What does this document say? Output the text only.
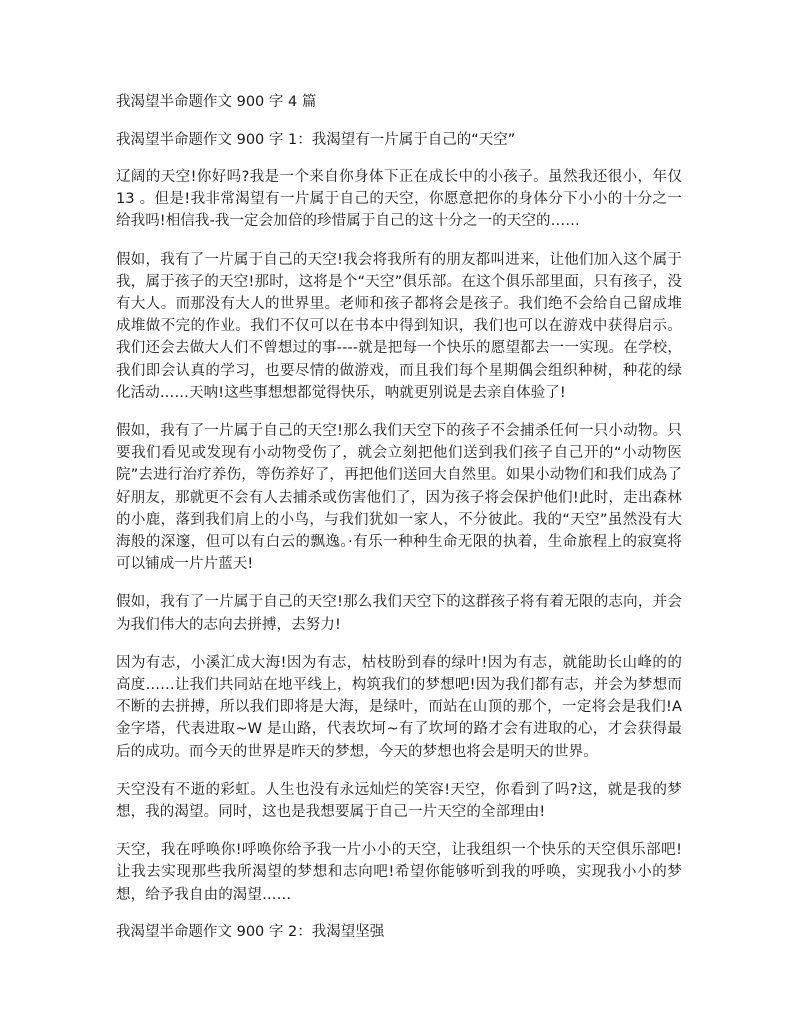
我渴望半命题作文 900 字 4 篇
我渴望半命题作文 900 字 1：我渴望有一片属于自己的“天空”

辽阔的天空!你好吗?我是一个来自你身体下正在成长中的小孩子。虽然我还很小，年仅 13 。但是!我非常渴望有一片属于自己的天空，你愿意把你的身体分下小小的十分之一给我吗!相信我-我一定会加倍的珍惜属于自己的这十分之一的天空的……

假如，我有了一片属于自己的天空!我会将我所有的朋友都叫进来，让他们加入这个属于我，属于孩子的天空!那时，这将是个“天空”俱乐部。在这个俱乐部里面，只有孩子，没有大人。而那没有大人的世界里。老师和孩子都将会是孩子。我们绝不会给自己留成堆成堆做不完的作业。我们不仅可以在书本中得到知识，我们也可以在游戏中获得启示。我们还会去做大人们不曾想过的事----就是把每一个快乐的愿望都去一一实现。在学校，我们即会认真的学习，也要尽情的做游戏，而且我们每个星期偶会组织种树，种花的绿化活动……天呐!这些事想想都觉得快乐，呐就更别说是去亲自体验了!

假如，我有了一片属于自己的天空!那么我们天空下的孩子不会捕杀任何一只小动物。只要我们看见或发现有小动物受伤了，就会立刻把他们送到我们孩子自己开的“小动物医院”去进行治疗养伤，等伤养好了，再把他们送回大自然里。如果小动物们和我们成為了好朋友，那就更不会有人去捕杀或伤害他们了，因为孩子将会保护他们!此时，走出森林的小鹿，落到我们肩上的小鸟，与我们犹如一家人，不分彼此。我的“天空”虽然没有大海般的深邃，但可以有白云的飘逸。·有乐一种种生命无限的执着，生命旅程上的寂寞将可以铺成一片片蓝天!

假如，我有了一片属于自己的天空!那么我们天空下的这群孩子将有着无限的志向，并会为我们伟大的志向去拼搏，去努力!

因为有志，小溪汇成大海!因为有志，枯枝盼到春的绿叶!因为有志，就能助长山峰的的高度……让我们共同站在地平线上，构筑我们的梦想吧!因为我们都有志，并会为梦想而不断的去拼搏，所以我们即将是大海，是绿叶，而站在山顶的那个，一定将会是我们!A 金字塔，代表进取~W 是山路，代表坎坷~有了坎坷的路才会有进取的心，才会获得最后的成功。而今天的世界是昨天的梦想，今天的梦想也将会是明天的世界。

天空没有不逝的彩虹。人生也没有永远灿烂的笑容!天空，你看到了吗?这，就是我的梦想，我的渴望。同时，这也是我想要属于自己一片天空的全部理由!

天空，我在呼唤你!呼唤你给予我一片小小的天空，让我组织一个快乐的天空俱乐部吧!让我去实现那些我所渴望的梦想和志向吧!希望你能够听到我的呼唤，实现我小小的梦想，给予我自由的渴望……

我渴望半命题作文 900 字 2：我渴望坚强
